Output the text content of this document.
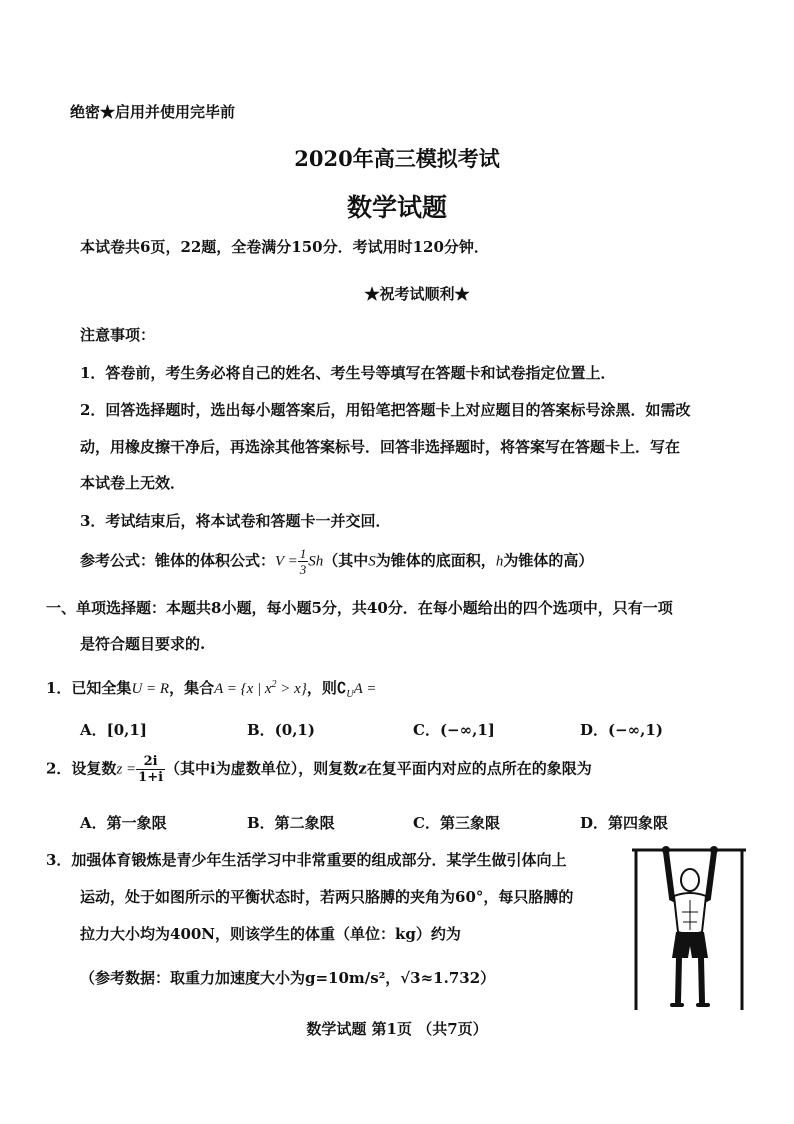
绝密★启用并使用完毕前
2020年高三模拟考试
数学试题
本试卷共6页，22题，全卷满分150分．考试用时120分钟．
★祝考试顺利★
注意事项：
1．答卷前，考生务必将自己的姓名、考生号等填写在答题卡和试卷指定位置上．
2．回答选择题时，选出每小题答案后，用铅笔把答题卡上对应题目的答案标号涂黑．如需改
动，用橡皮擦干净后，再选涂其他答案标号．回答非选择题时，将答案写在答题卡上．写在
本试卷上无效．
3．考试结束后，将本试卷和答题卡一并交回．
参考公式：锥体的体积公式：$V = \frac{1}{3} Sh$（其中S为锥体的底面积，h为锥体的高）
一、单项选择题：本题共8小题，每小题5分，共40分．在每小题给出的四个选项中，只有一项
是符合题目要求的.
1．已知全集U = R，集合A = {x | $x^2 > x$}，则$∁_UA$ =
A．[0,1]	B．(0,1)	C．(−∞,1]	D．(−∞,1)
2．设复数$z = \frac{2i}{1+i}$ （其中i为虚数单位），则复数z在复平面内对应的点所在的象限为
A．第一象限	B．第二象限	C．第三象限	D．第四象限
3．加强体育锻炼是青少年生活学习中非常重要的组成部分．某学生做引体向上
运动，处于如图所示的平衡状态时，若两只胳膊的夹角为60°，每只胳膊的
拉力大小均为400N，则该学生的体重（单位：kg）约为
（参考数据：取重力加速度大小为g=10m/s²，√3≈1.732）
数学试题 第1页 （共7页）
